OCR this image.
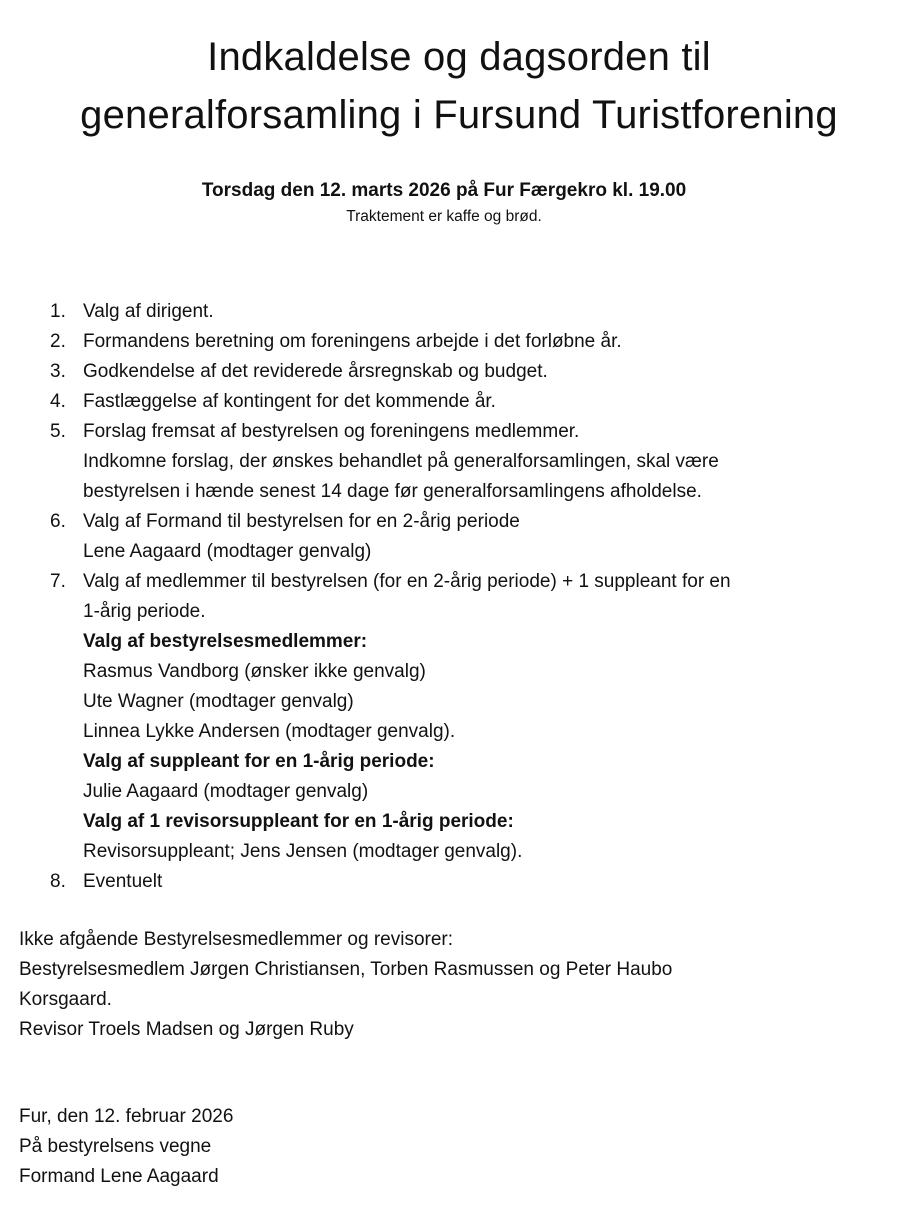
Indkaldelse og dagsorden til
generalforsamling i Fursund Turistforening

Torsdag den 12. marts 2026 på Fur Færgekro kl. 19.00

Traktement er kaffe og brød.

1. Valg af dirigent.
2. Formandens beretning om foreningens arbejde i det forløbne år.
3. Godkendelse af det reviderede årsregnskab og budget.
4. Fastlæggelse af kontingent for det kommende år.
5. Forslag fremsat af bestyrelsen og foreningens medlemmer.
Indkomne forslag, der ønskes behandlet på generalforsamlingen, skal være
bestyrelsen i hænde senest 14 dage før generalforsamlingens afholdelse.
6. Valg af Formand til bestyrelsen for en 2-årig periode
Lene Aagaard (modtager genvalg)
7. Valg af medlemmer til bestyrelsen (for en 2-årig periode) + 1 suppleant for en
1-årig periode.
Valg af bestyrelsesmedlemmer:
Rasmus Vandborg (ønsker ikke genvalg)
Ute Wagner (modtager genvalg)
Linnea Lykke Andersen (modtager genvalg).
Valg af suppleant for en 1-årig periode:
Julie Aagaard (modtager genvalg)
Valg af 1 revisorsuppleant for en 1-årig periode:
Revisorsuppleant; Jens Jensen (modtager genvalg).
8. Eventuelt
Ikke afgående Bestyrelsesmedlemmer og revisorer:
Bestyrelsesmedlem Jørgen Christiansen, Torben Rasmussen og Peter Haubo
Korsgaard.
Revisor Troels Madsen og Jørgen Ruby
Fur, den 12. februar 2026
På bestyrelsens vegne
Formand Lene Aagaard
